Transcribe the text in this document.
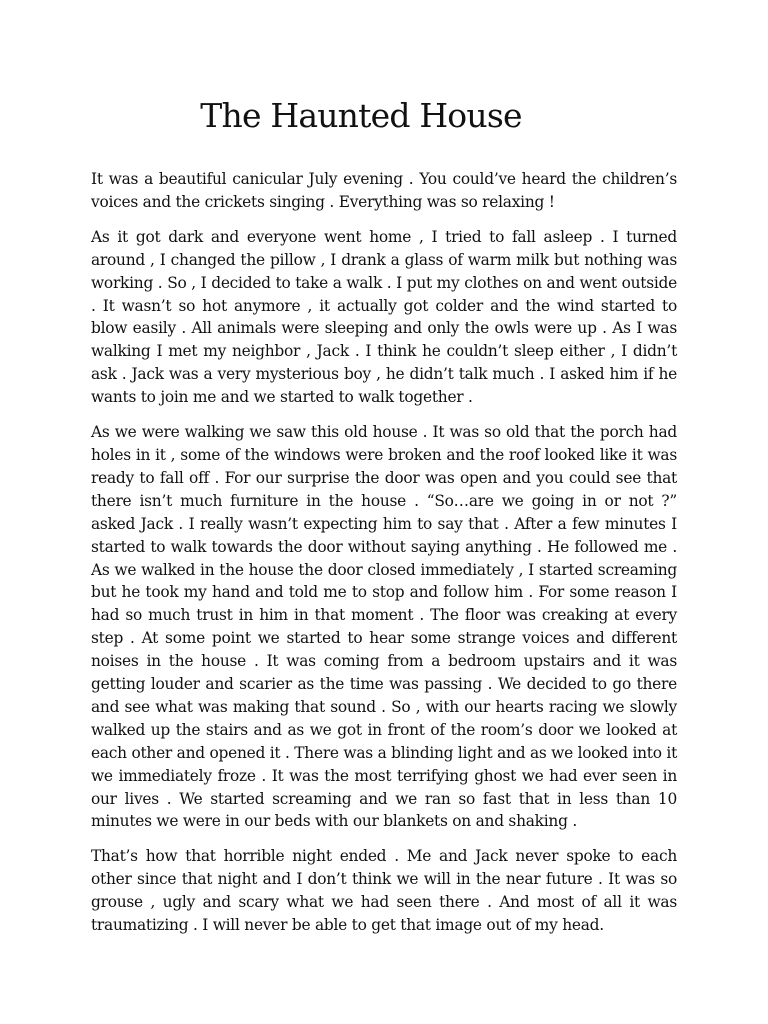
The Haunted House

It was a beautiful canicular July evening . You could’ve heard the children’s voices and the crickets singing . Everything was so relaxing !

As it got dark and everyone went home , I tried to fall asleep . I turned around , I changed the pillow , I drank a glass of warm milk but nothing was working . So , I decided to take a walk . I put my clothes on and went outside . It wasn’t so hot anymore , it actually got colder and the wind started to blow easily . All animals were sleeping and only the owls were up . As I was walking I met my neighbor , Jack . I think he couldn’t sleep either , I didn’t ask . Jack was a very mysterious boy , he didn’t talk much . I asked him if he wants to join me and we started to walk together .

As we were walking we saw this old house . It was so old that the porch had holes in it , some of the windows were broken and the roof looked like it was ready to fall off . For our surprise the door was open and you could see that there isn’t much furniture in the house . “So…are we going in or not ?” asked Jack . I really wasn’t expecting him to say that . After a few minutes I started to walk towards the door without saying anything . He followed me . As we walked in the house the door closed immediately , I started screaming but he took my hand and told me to stop and follow him . For some reason I had so much trust in him in that moment . The floor was creaking at every step . At some point we started to hear some strange voices and different noises in the house . It was coming from a bedroom upstairs and it was getting louder and scarier as the time was passing . We decided to go there and see what was making that sound . So , with our hearts racing we slowly walked up the stairs and as we got in front of the room’s door we looked at each other and opened it . There was a blinding light and as we looked into it we immediately froze . It was the most terrifying ghost we had ever seen in our lives . We started screaming and we ran so fast that in less than 10 minutes we were in our beds with our blankets on and shaking .

That’s how that horrible night ended . Me and Jack never spoke to each other since that night and I don’t think we will in the near future . It was so grouse , ugly and scary what we had seen there . And most of all it was traumatizing . I will never be able to get that image out of my head.
